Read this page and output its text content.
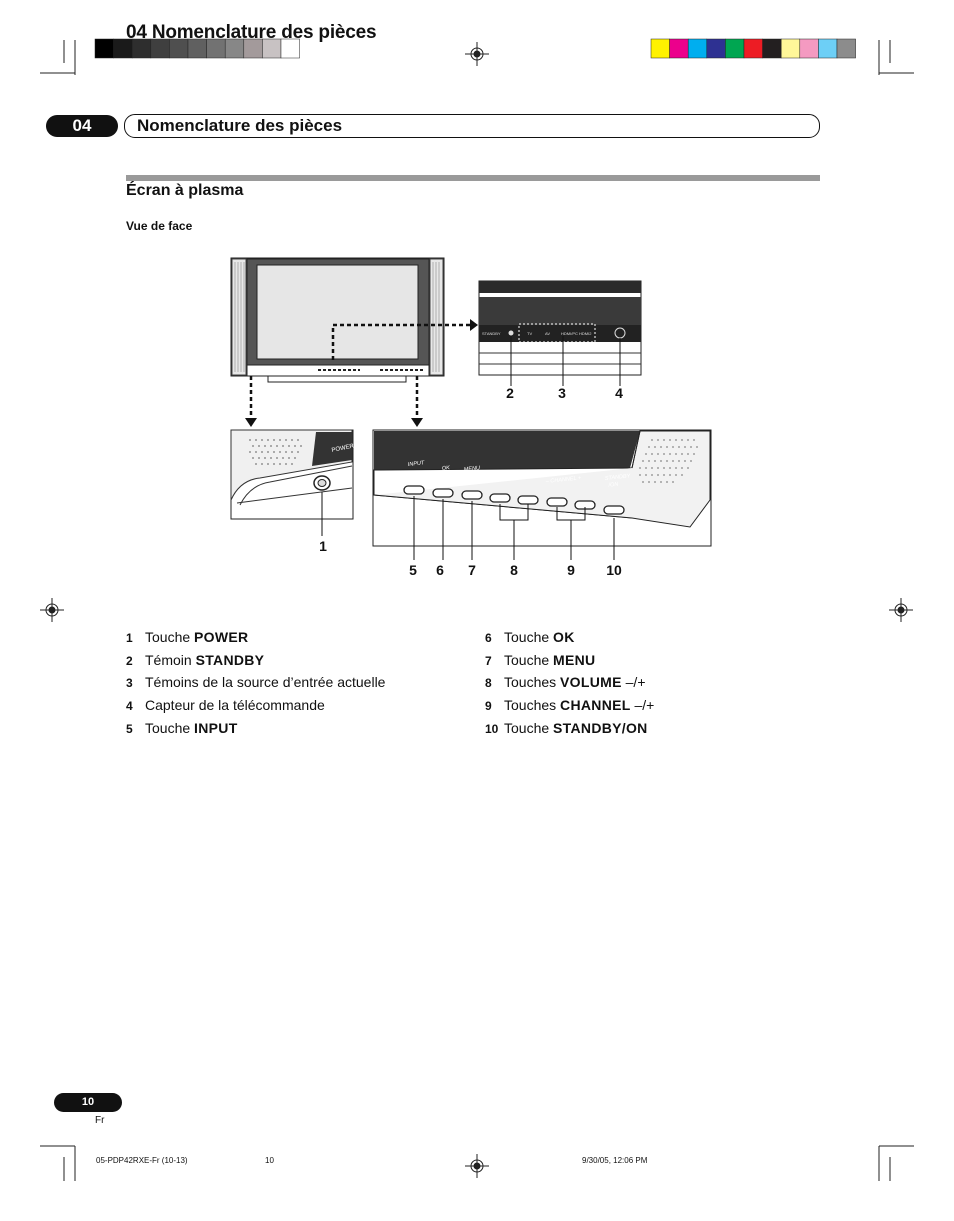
STANDBY	TV	AV	HDMI/PC HDMI2
POWER
INPUT
OK MENU
– VOLUME +	P
– CHANNEL +	STANDBY
/ON
1
2	3	4
5 6 7 8	9 10
04 Nomenclature des pièces
04	Nomenclature des pièces
Écran à plasma
Vue de face
1 Touche POWER
2 Témoin STANDBY
3 Témoins de la source d’entrée actuelle
4 Capteur de la télécommande
5 Touche INPUT
6 Touche OK
7 Touche MENU
8 Touches VOLUME –/+
9 Touches CHANNEL –/+
10 Touche STANDBY/ON
10
Fr
05-PDP42RXE-Fr (10-13)	10	9/30/05, 12:06 PM
